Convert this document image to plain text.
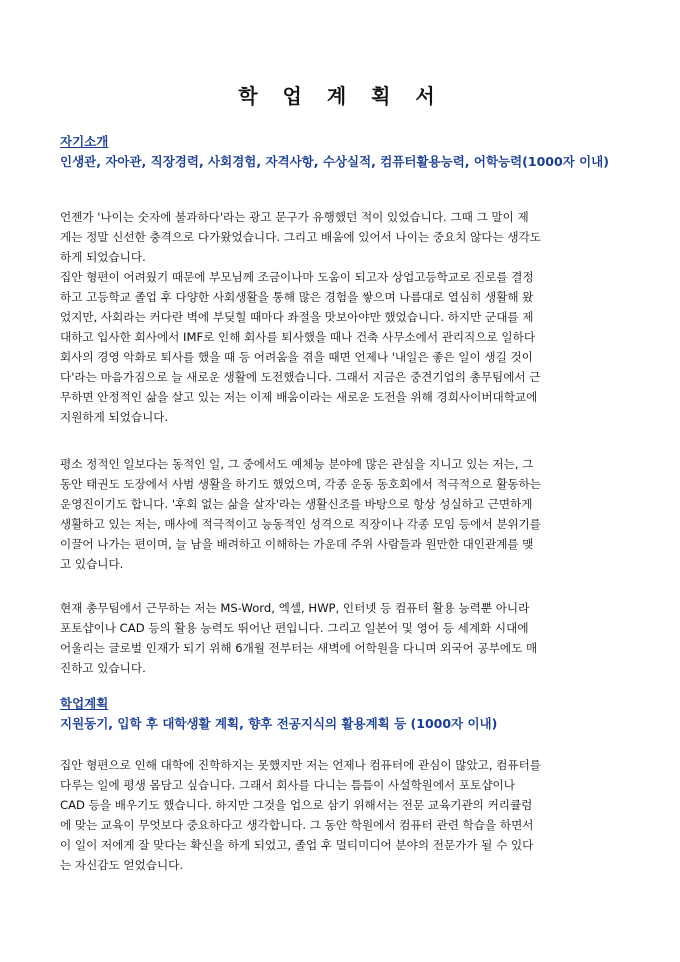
학 업 계 획 서
자기소개
인생관, 자아관, 직장경력, 사회경험, 자격사항, 수상실적, 컴퓨터활용능력, 어학능력(1000자 이내)
언젠가 '나이는 숫자에 불과하다'라는 광고 문구가 유행했던 적이 있었습니다. 그때 그 말이 제
게는 정말 신선한 충격으로 다가왔었습니다. 그리고 배움에 있어서 나이는 중요치 않다는 생각도
하게 되었습니다.
집안 형편이 어려웠기 때문에 부모님께 조금이나마 도움이 되고자 상업고등학교로 진로를 결정
하고 고등학교 졸업 후 다양한 사회생활을 통해 많은 경험을 쌓으며 나름대로 열심히 생활해 왔
었지만, 사회라는 커다란 벽에 부딪힐 때마다 좌절을 맛보아야만 했었습니다. 하지만 군대를 제
대하고 입사한 회사에서 IMF로 인해 회사를 퇴사했을 때나 건축 사무소에서 관리직으로 일하다
회사의 경영 악화로 퇴사를 했을 때 등 어려움을 겪을 때면 언제나 '내일은 좋은 일이 생길 것이
다'라는 마음가짐으로 늘 새로운 생활에 도전했습니다. 그래서 지금은 중견기업의 총무팀에서 근
무하면 안정적인 삶을 살고 있는 저는 이제 배움이라는 새로운 도전을 위해 경희사이버대학교에
지원하게 되었습니다.
평소 정적인 일보다는 동적인 일, 그 중에서도 예체능 분야에 많은 관심을 지니고 있는 저는, 그
동안 태권도 도장에서 사범 생활을 하기도 했었으며, 각종 운동 동호회에서 적극적으로 활동하는
운영진이기도 합니다. '후회 없는 삶을 살자'라는 생활신조를 바탕으로 항상 성실하고 근면하게
생활하고 있는 저는, 매사에 적극적이고 능동적인 성격으로 직장이나 각종 모임 등에서 분위기를
이끌어 나가는 편이며, 늘 남을 배려하고 이해하는 가운데 주위 사람들과 원만한 대인관계를 맺
고 있습니다.
현재 총무팀에서 근무하는 저는 MS-Word, 엑셀, HWP, 인터넷 등 컴퓨터 활용 능력뿐 아니라
포토샵이나 CAD 등의 활용 능력도 뛰어난 편입니다. 그리고 일본어 및 영어 등 세계화 시대에
어울리는 글로벌 인재가 되기 위해 6개월 전부터는 새벽에 어학원을 다니며 외국어 공부에도 매
진하고 있습니다.
학업계획
지원동기, 입학 후 대학생활 계획, 향후 전공지식의 활용계획 등 (1000자 이내)
집안 형편으로 인해 대학에 진학하지는 못했지만 저는 언제나 컴퓨터에 관심이 많았고, 컴퓨터를
다루는 일에 평생 몸담고 싶습니다. 그래서 회사를 다니는 틈틈이 사설학원에서 포토샵이나
CAD 등을 배우기도 했습니다. 하지만 그것을 업으로 삼기 위해서는 전문 교육기관의 커리큘럼
에 맞는 교육이 무엇보다 중요하다고 생각합니다. 그 동안 학원에서 컴퓨터 관련 학습을 하면서
이 일이 저에게 잘 맞다는 확신을 하게 되었고, 졸업 후 멀티미디어 분야의 전문가가 될 수 있다
는 자신감도 얻었습니다.
